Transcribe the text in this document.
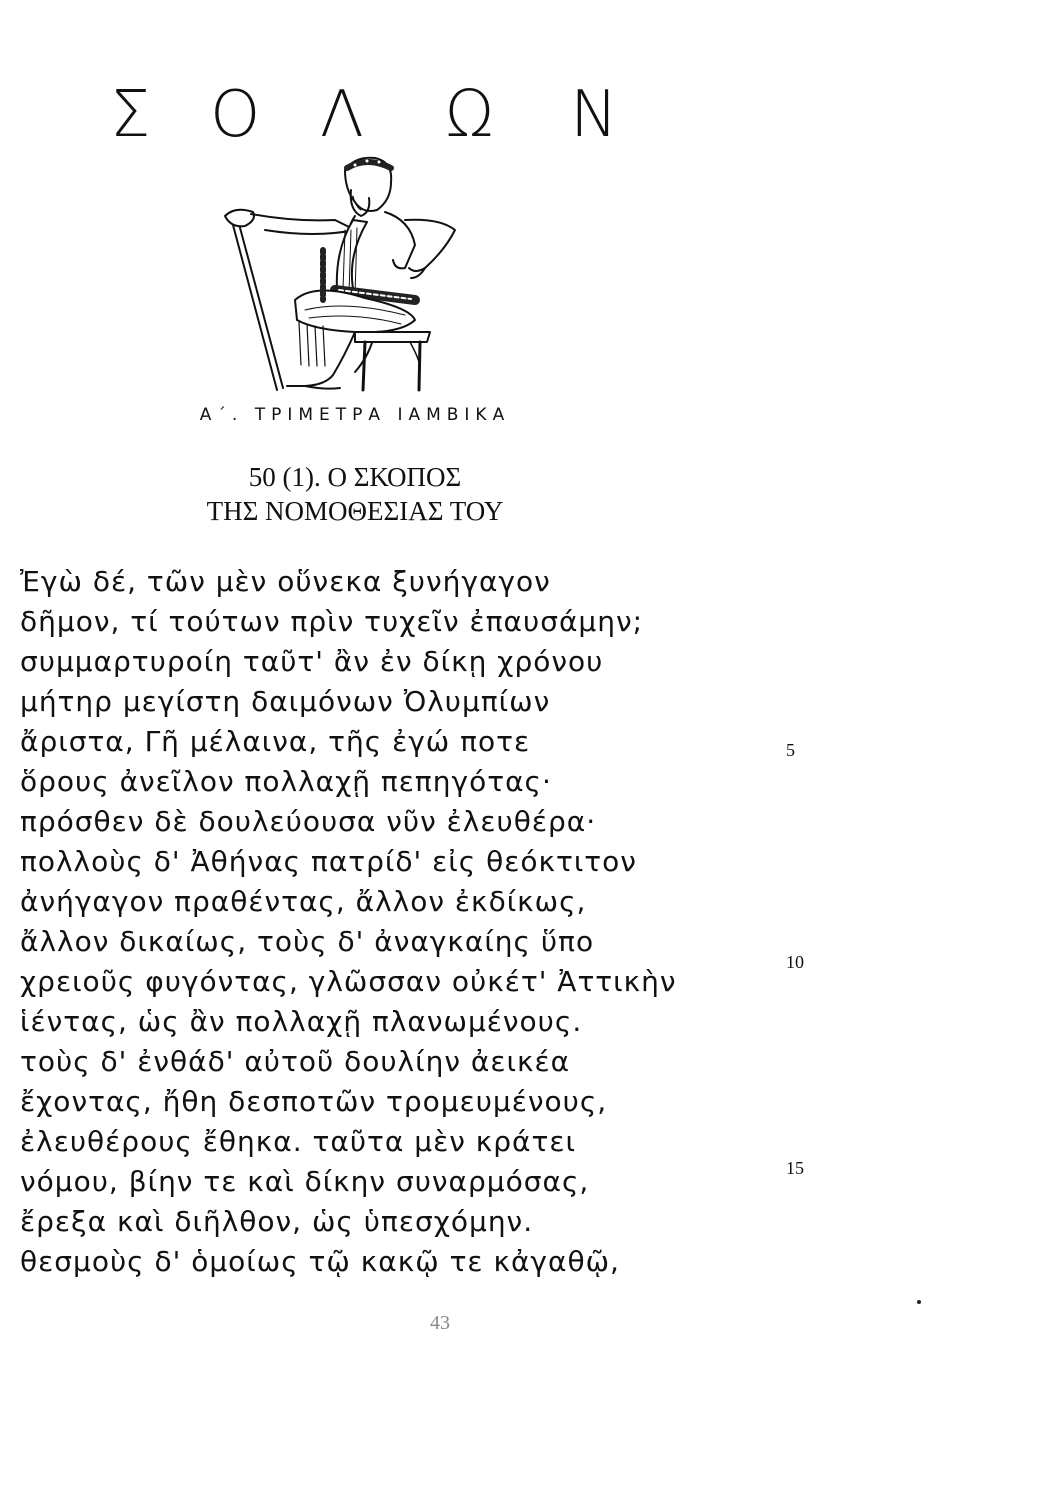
Σ Ο Λ Ω Ν
Α΄. ΤΡΙΜΕΤΡΑ ΙΑΜΒΙΚΑ
50 (1). Ο ΣΚΟΠΟΣ
ΤΗΣ ΝΟΜΟΘΕΣΙΑΣ ΤΟΥ
Ἐγὼ δέ, τῶν μὲν οὕνεκα ξυνήγαγον
δῆμον, τί τούτων πρὶν τυχεῖν ἐπαυσάμην;
συμμαρτυροίη ταῦτ' ἂν ἐν δίκῃ χρόνου
μήτηρ μεγίστη δαιμόνων Ὀλυμπίων
ἄριστα, Γῆ μέλαινα, τῆς ἐγώ ποτε
ὅρους ἀνεῖλον πολλαχῇ πεπηγότας·
πρόσθεν δὲ δουλεύουσα νῦν ἐλευθέρα·
πολλοὺς δ' Ἀθήνας πατρίδ' εἰς θεόκτιτον
ἀνήγαγον πραθέντας, ἄλλον ἐκδίκως,
ἄλλον δικαίως, τοὺς δ' ἀναγκαίης ὕπο
χρειοῦς φυγόντας, γλῶσσαν οὐκέτ' Ἀττικὴν
ἱέντας, ὡς ἂν πολλαχῇ πλανωμένους.
τοὺς δ' ἐνθάδ' αὐτοῦ δουλίην ἀεικέα
ἔχοντας, ἤθη δεσποτῶν τρομευμένους,
ἐλευθέρους ἔθηκα. ταῦτα μὲν κράτει
νόμου, βίην τε καὶ δίκην συναρμόσας,
ἔρεξα καὶ διῆλθον, ὡς ὑπεσχόμην.
θεσμοὺς δ' ὁμοίως τῷ κακῷ τε κἀγαθῷ,
5
10
15
43
